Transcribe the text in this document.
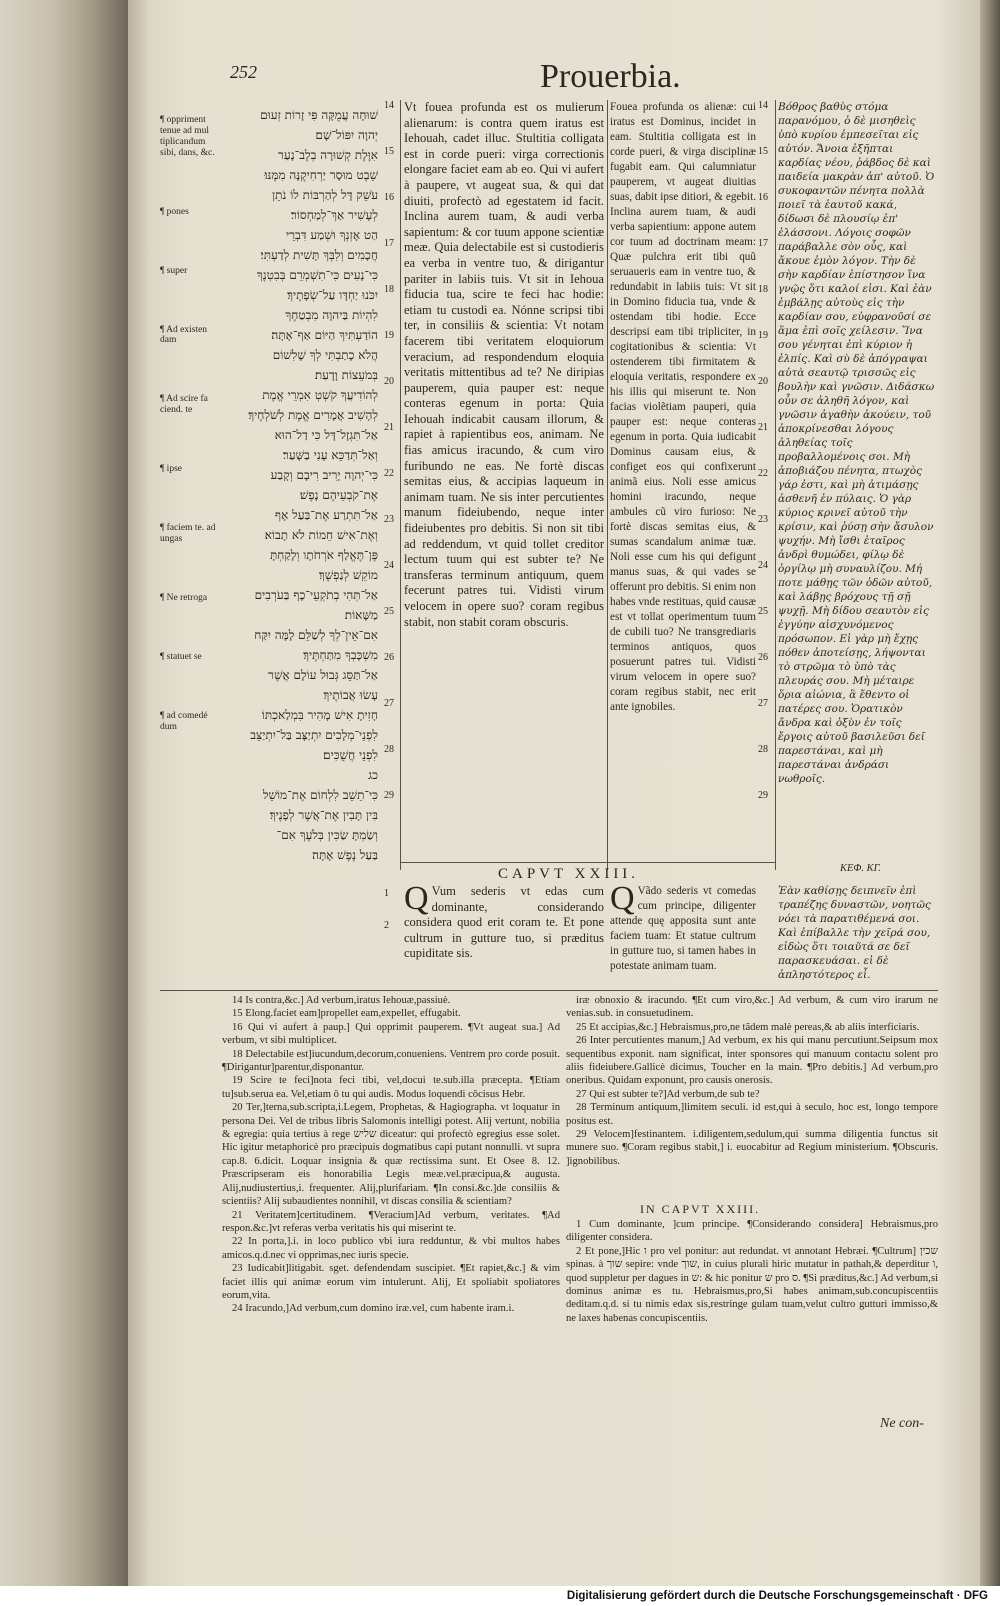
252	Prouerbia.
שׁוּחָה עֲמֻקָּה פִּי זָרוֹת זְעוּם
יְהוָה יִפּוֹל־שָׁם׃
אִוֶּלֶת קְשׁוּרָה בְלֶב־נָעַר
שֵׁבֶט מוּסָר יַרְחִיקֶנָּה מִמֶּנּוּ׃
עֹשֵׁק דָּל לְהַרְבּוֹת לוֹ נֹתֵן
לְעָשִׁיר אַךְ־לְמַחְסוֹר׃
הַט אָזְנְךָ וּשְׁמַע דִּבְרֵי
חֲכָמִים וְלִבְּךָ תָּשִׁית לְדַעְתִּי׃
כִּי־נָעִים כִּי־תִשְׁמְרֵם בְּבִטְנֶךָ
יִכֹּנוּ יַחְדָּו עַל־שְׂפָתֶיךָ׃
לִהְיוֹת בַּיהוָה מִבְטַחֶךָ
הוֹדַעְתִּיךָ הַיּוֹם אַף־אָתָּה׃
הֲלֹא כָתַבְתִּי לְךָ שָׁלִשׁוֹם
בְּמֹעֵצוֹת וָדָעַת׃
לְהוֹדִיעֲךָ קֹשְׁטְ אִמְרֵי אֱמֶת
לְהָשִׁיב אֲמָרִים אֱמֶת לְשֹׁלְחֶיךָ׃
אַל־תִּגְזָל־דָּל כִּי דַל־הוּא
וְאַל־תְּדַכֵּא עָנִי בַשָּׁעַר׃
כִּי־יְהוָה יָרִיב רִיבָם וְקָבַע
אֶת־קֹבְעֵיהֶם נָפֶשׁ׃
אַל־תִּתְרַע אֶת־בַּעַל אָף
וְאֶת־אִישׁ חֵמוֹת לֹא תָבוֹא׃
פֶּן־תֶּאֱלַף אֹרְחֹתָו וְלָקַחְתָּ
מוֹקֵשׁ לְנַפְשֶׁךָ׃
אַל־תְּהִי בְתֹקְעֵי־כָף בַּעֹרְבִים
מַשָּׁאוֹת׃
אִם־אֵין־לְךָ לְשַׁלֵּם לָמָּה יִקַּח
מִשְׁכָּבְךָ מִתַּחְתֶּיךָ׃
אַל־תַּסֵּג גְּבוּל עוֹלָם אֲשֶׁר
עָשׂוּ אֲבוֹתֶיךָ׃
חָזִיתָ אִישׁ מָהִיר בִּמְלַאכְתּוֹ
לִפְנֵי־מְלָכִים יִתְיַצָּב בַּל־יִתְיַצֵּב
לִפְנֵי חֲשֻׁכִּים׃
כג
כִּי־תֵשֵׁב לִלְחוֹם אֶת־מוֹשֵׁל
בִּין תָּבִין אֶת־אֲשֶׁר לְפָנֶיךָ׃
וְשַׂמְתָּ שַׂכִּין בְּלֹעֶךָ אִם־
בַּעַל נֶפֶשׁ אָתָּה׃
¶ oppriment tenue ad mul tiplicandum sibi, dans, &c.
¶ pones
¶ super
¶ Ad existen dam
¶ Ad scire fa ciend. te
¶ ipse
¶ faciem te. ad ungas
¶ Ne retroga
¶ statuet se
¶ ad comedé dum
14
15
16
17
18
19
20
21
22
23
24
25
26
27
28
29
Vt fouea profunda est os mulierum alienarum: is contra quem iratus est Iehouah, cadet illuc. Stultitia colligata est in corde pueri: virga correctionis elongare faciet eam ab eo. Qui vi aufert à paupere, vt augeat sua, & qui dat diuiti, profectò ad egestatem id facit. Inclina aurem tuam, & audi verba sapientum: & cor tuum appone scientiæ meæ. Quia delectabile est si custodieris ea verba in ventre tuo, & dirigantur pariter in labiis tuis. Vt sit in Iehoua fiducia tua, scire te feci hac hodie: etiam tu custodi ea. Nónne scripsi tibi ter, in consiliis & scientia: Vt notam facerem tibi veritatem eloquiorum veracium, ad respondendum eloquia veritatis mittentibus ad te? Ne diripias pauperem, quia pauper est: neque conteras egenum in porta: Quia Iehouah indicabit causam illorum, & rapiet à rapientibus eos, animam. Ne fias amicus iracundo, & cum viro furibundo ne eas. Ne fortè discas semitas eius, & accipias laqueum in animam tuam. Ne sis inter percutientes manum fideiubendo, neque inter fideiubentes pro debitis. Si non sit tibi ad reddendum, vt quid tollet creditor lectum tuum qui est subter te? Ne transferas terminum antiquum, quem fecerunt patres tui. Vidisti virum velocem in opere suo? coram regibus stabit, non stabit coram obscuris.
Fouea profunda os alienæ: cui iratus est Dominus, incidet in eam. Stultitia colligata est in corde pueri, & virga disciplinæ fugabit eam. Qui calumniatur pauperem, vt augeat diuitias suas, dabit ipse ditiori, & egebit. Inclina aurem tuam, & audi verba sapientium: appone autem cor tuum ad doctrinam meam: Quæ pulchra erit tibi quũ seruaueris eam in ventre tuo, & redundabit in labiis tuis: Vt sit in Domino fiducia tua, vnde & ostendam tibi hodie. Ecce descripsi eam tibi tripliciter, in cogitationibus & scientia: Vt ostenderem tibi firmitatem & eloquia veritatis, respondere ex his illis qui miserunt te. Non facias violẽtiam pauperi, quia pauper est: neque conteras egenum in porta. Quia iudicabit Dominus causam eius, & configet eos qui confixerunt animã eius. Noli esse amicus homini iracundo, neque ambules cũ viro furioso: Ne fortè discas semitas eius, & sumas scandalum animæ tuæ. Noli esse cum his qui defigunt manus suas, & qui vades se offerunt pro debitis. Si enim non habes vnde restituas, quid causæ est vt tollat operimentum tuum de cubili tuo? Ne transgrediaris terminos antiquos, quos posuerunt patres tui. Vidisti virum velocem in opere suo? coram regibus stabit, nec erit ante ignobiles.
14
15
16
17
18
19
20
21
22
23
24
25
26
27
28
29
Βόθρος βαθὺς στόμα παρανόμου, ὁ δὲ μισηθεὶς ὑπὸ κυρίου ἐμπεσεῖται εἰς αὐτόν. Ἄνοια ἐξῆπται καρδίας νέου, ῥάβδος δὲ καὶ παιδεία μακρὰν ἀπ' αὐτοῦ. Ὁ συκοφαντῶν πένητα πολλὰ ποιεῖ τὰ ἑαυτοῦ κακά, δίδωσι δὲ πλουσίῳ ἐπ' ἐλάσσονι. Λόγοις σοφῶν παράβαλλε σὸν οὖς, καὶ ἄκουε ἐμὸν λόγον. Τὴν δὲ σὴν καρδίαν ἐπίστησον ἵνα γνῷς ὅτι καλοί εἰσι. Καὶ ἐὰν ἐμβάλῃς αὐτοὺς εἰς τὴν καρδίαν σου, εὐφρανοῦσί σε ἅμα ἐπὶ σοῖς χείλεσιν. Ἵνα σου γένηται ἐπὶ κύριον ἡ ἐλπίς. Καὶ σὺ δὲ ἀπόγραψαι αὐτὰ σεαυτῷ τρισσῶς εἰς βουλὴν καὶ γνῶσιν. Διδάσκω οὖν σε ἀληθῆ λόγον, καὶ γνῶσιν ἀγαθὴν ἀκούειν, τοῦ ἀποκρίνεσθαι λόγους ἀληθείας τοῖς προβαλλομένοις σοι. Μὴ ἀποβιάζου πένητα, πτωχὸς γάρ ἐστι, καὶ μὴ ἀτιμάσῃς ἀσθενῆ ἐν πύλαις. Ὁ γὰρ κύριος κρινεῖ αὐτοῦ τὴν κρίσιν, καὶ ῥύσῃ σὴν ἄσυλον ψυχήν. Μὴ ἴσθι ἑταῖρος ἀνδρὶ θυμώδει, φίλῳ δὲ ὀργίλῳ μὴ συναυλίζου. Μή ποτε μάθῃς τῶν ὁδῶν αὐτοῦ, καὶ λάβῃς βρόχους τῇ σῇ ψυχῇ. Μὴ δίδου σεαυτὸν εἰς ἐγγύην αἰσχυνόμενος πρόσωπον. Εἰ γὰρ μὴ ἔχῃς πόθεν ἀποτείσῃς, λήψονται τὸ στρῶμα τὸ ὑπὸ τὰς πλευράς σου. Μὴ μέταιρε ὅρια αἰώνια, ἃ ἔθεντο οἱ πατέρες σου. Ὁρατικὸν ἄνδρα καὶ ὀξὺν ἐν τοῖς ἔργοις αὐτοῦ βασιλεῦσι δεῖ παρεστάναι, καὶ μὴ παρεστάναι ἀνδράσι νωθροῖς.
CAPVT XXIII.	ΚΕΦ. ΚΓ.
1
2
Q Vum sederis vt edas cum dominante, considerando considera quod erit coram te. Et pone cultrum in gutture tuo, si præditus cupiditate sis.
Q Vãdo sederis vt comedas cum principe, diligenter attende quę apposita sunt ante faciem tuam: Et statue cultrum in gutture tuo, si tamen habes in potestate animam tuam.
Ἐὰν καθίσῃς δειπνεῖν ἐπὶ τραπέζης δυναστῶν, νοητῶς νόει τὰ παρατιθέμενά σοι. Καὶ ἐπίβαλλε τὴν χεῖρά σου, εἰδὼς ὅτι τοιαῦτά σε δεῖ παρασκευάσαι. εἰ δὲ ἀπληστότερος εἶ.

14 Is contra,&c.] Ad verbum,iratus Iehouæ,passiuè.

15 Elong.faciet eam]propellet eam,expellet, effugabit.

16 Qui vi aufert à paup.] Qui opprimit pauperem. ¶Vt augeat sua.] Ad verbum, vt sibi multiplicet.

18 Delectabile est]iucundum,decorum,conueniens. Ventrem pro corde posuit. ¶Dirigantur]parentur,disponantur.

19 Scire te feci]nota feci tibi, vel,docui te.sub.illa præcepta. ¶Etiam tu]sub.serua ea. Vel,etiam ô tu qui audis. Modus loquendi côcisus Hebr.

20 Ter,]terna,sub.scripta,i.Legem, Prophetas, & Hagiographa. vt loquatur in persona Dei. Vel de tribus libris Salomonis intelligi potest. Alij vertunt, nobilia & egregia: quia tertius à rege שליש diceatur: qui profectò egregius esse solet. Hic igitur metaphoricè pro præcipuis dogmatibus capi putant nonnulli. vt supra cap.8. 6.dicit. Loquar insignia & quæ rectissima sunt. Et Osee 8. 12. Præscripseram eis honorabilia Legis meæ.vel.præcipua,& augusta. Alij,nudiustertius,i. frequenter. Alij,plurifariam. ¶In consi.&c.]de consiliis & scientiis? Alij subaudientes nonnihil, vt discas consilia & scientiam?

21 Veritatem]certitudinem. ¶Veracium]Ad verbum, veritates. ¶Ad respon.&c.]vt referas verba veritatis his qui miserint te.

22 In porta,].i. in loco publico vbi iura redduntur, & vbi multos habes amicos.q.d.nec vi opprimas,nec iuris specie.

23 Iudicabit]litigabit. sget. defendendam suscipiet. ¶Et rapiet,&c.] & vim faciet illis qui animæ eorum vim intulerunt. Alij, Et spoliabit spoliatores eorum,vita.

24 Iracundo,]Ad verbum,cum domino iræ.vel, cum habente iram.i.

iræ obnoxio & iracundo. ¶Et cum viro,&c.] Ad verbum, & cum viro irarum ne venias.sub. in consuetudinem.

25 Et accipias,&c.] Hebraismus,pro,ne tãdem malè pereas,& ab aliis interficiaris.

26 Inter percutientes manum,] Ad verbum, ex his qui manu percutiunt.Seipsum mox sequentibus exponit. nam significat, inter sponsores qui manuum contactu solent pro aliis fideiubere.Gallicè dicimus, Toucher en la main. ¶Pro debitis.] Ad verbum,pro oneribus. Quidam exponunt, pro causis onerosis.

27 Qui est subter te?]Ad verbum,de sub te?

28 Terminum antiquum,]limitem seculi. id est,qui à seculo, hoc est, longo tempore positus est.

29 Velocem]festinantem. i.diligentem,sedulum,qui summa diligentia functus sit munere suo. ¶Coram regibus stabit,] i. euocabitur ad Regium ministerium. ¶Obscuris. ]ignobilibus.

IN CAPVT XXIII.

1 Cum dominante, ]cum principe. ¶Considerando considera] Hebraismus,pro diligenter considera.

2 Et pone,]Hic ו pro vel ponitur: aut redundat. vt annotant Hebræi. ¶Cultrum] שכין spinas. à שוך sepire: vnde שוך, in cuius plurali hiric mutatur in pathah,& deperditur ו, quod suppletur per dagues in ש: & hic ponitur ש pro ס. ¶Si præditus,&c.] Ad verbum,si dominus animæ es tu. Hebraismus,pro,Si habes animam,sub.concupiscentiis deditam.q.d. si tu nimis edax sis,restringe gulam tuam,velut cultro gutturi immisso,& ne laxes habenas concupiscentiis.

Ne con-
Digitalisierung gefördert durch die Deutsche Forschungsgemeinschaft · DFG
